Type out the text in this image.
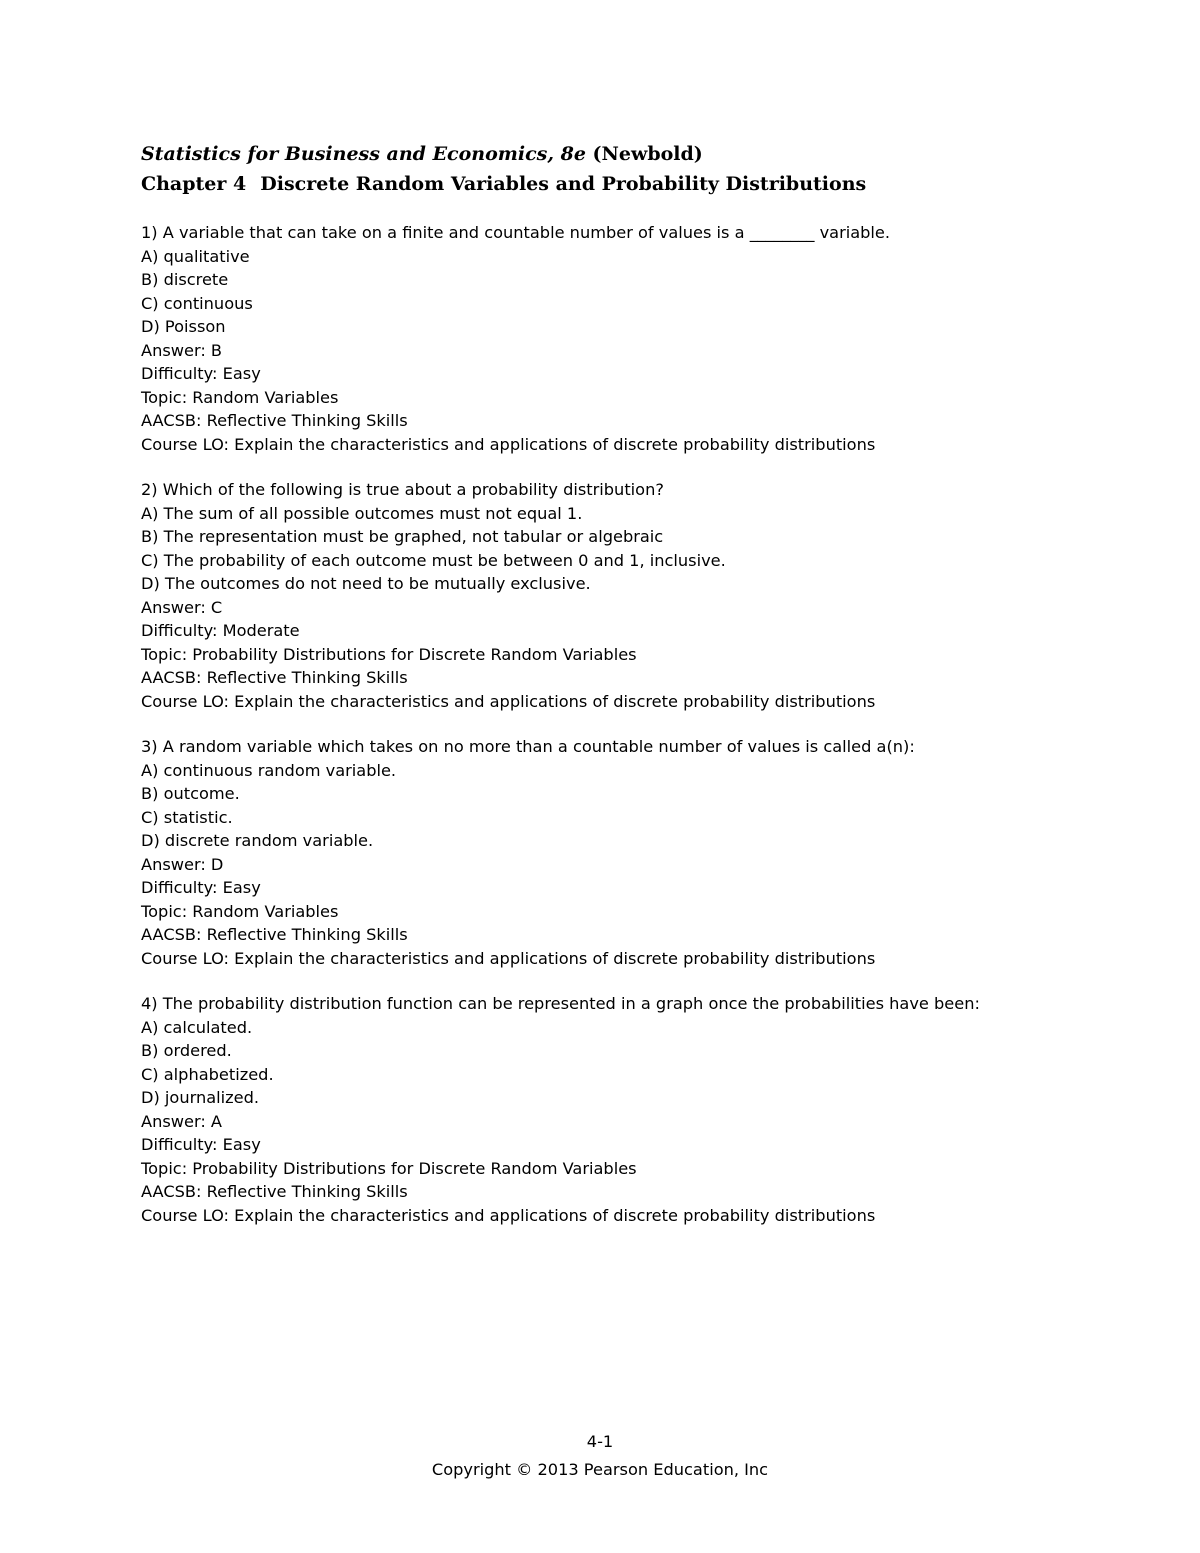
Statistics for Business and Economics, 8e (Newbold)
Chapter 4 Discrete Random Variables and Probability Distributions
1) A variable that can take on a finite and countable number of values is a ________ variable.
A) qualitative
B) discrete
C) continuous
D) Poisson
Answer: B
Difficulty: Easy
Topic: Random Variables
AACSB: Reflective Thinking Skills
Course LO: Explain the characteristics and applications of discrete probability distributions
2) Which of the following is true about a probability distribution?
A) The sum of all possible outcomes must not equal 1.
B) The representation must be graphed, not tabular or algebraic
C) The probability of each outcome must be between 0 and 1, inclusive.
D) The outcomes do not need to be mutually exclusive.
Answer: C
Difficulty: Moderate
Topic: Probability Distributions for Discrete Random Variables
AACSB: Reflective Thinking Skills
Course LO: Explain the characteristics and applications of discrete probability distributions
3) A random variable which takes on no more than a countable number of values is called a(n):
A) continuous random variable.
B) outcome.
C) statistic.
D) discrete random variable.
Answer: D
Difficulty: Easy
Topic: Random Variables
AACSB: Reflective Thinking Skills
Course LO: Explain the characteristics and applications of discrete probability distributions
4) The probability distribution function can be represented in a graph once the probabilities have been:
A) calculated.
B) ordered.
C) alphabetized.
D) journalized.
Answer: A
Difficulty: Easy
Topic: Probability Distributions for Discrete Random Variables
AACSB: Reflective Thinking Skills
Course LO: Explain the characteristics and applications of discrete probability distributions
4-1
Copyright © 2013 Pearson Education, Inc
